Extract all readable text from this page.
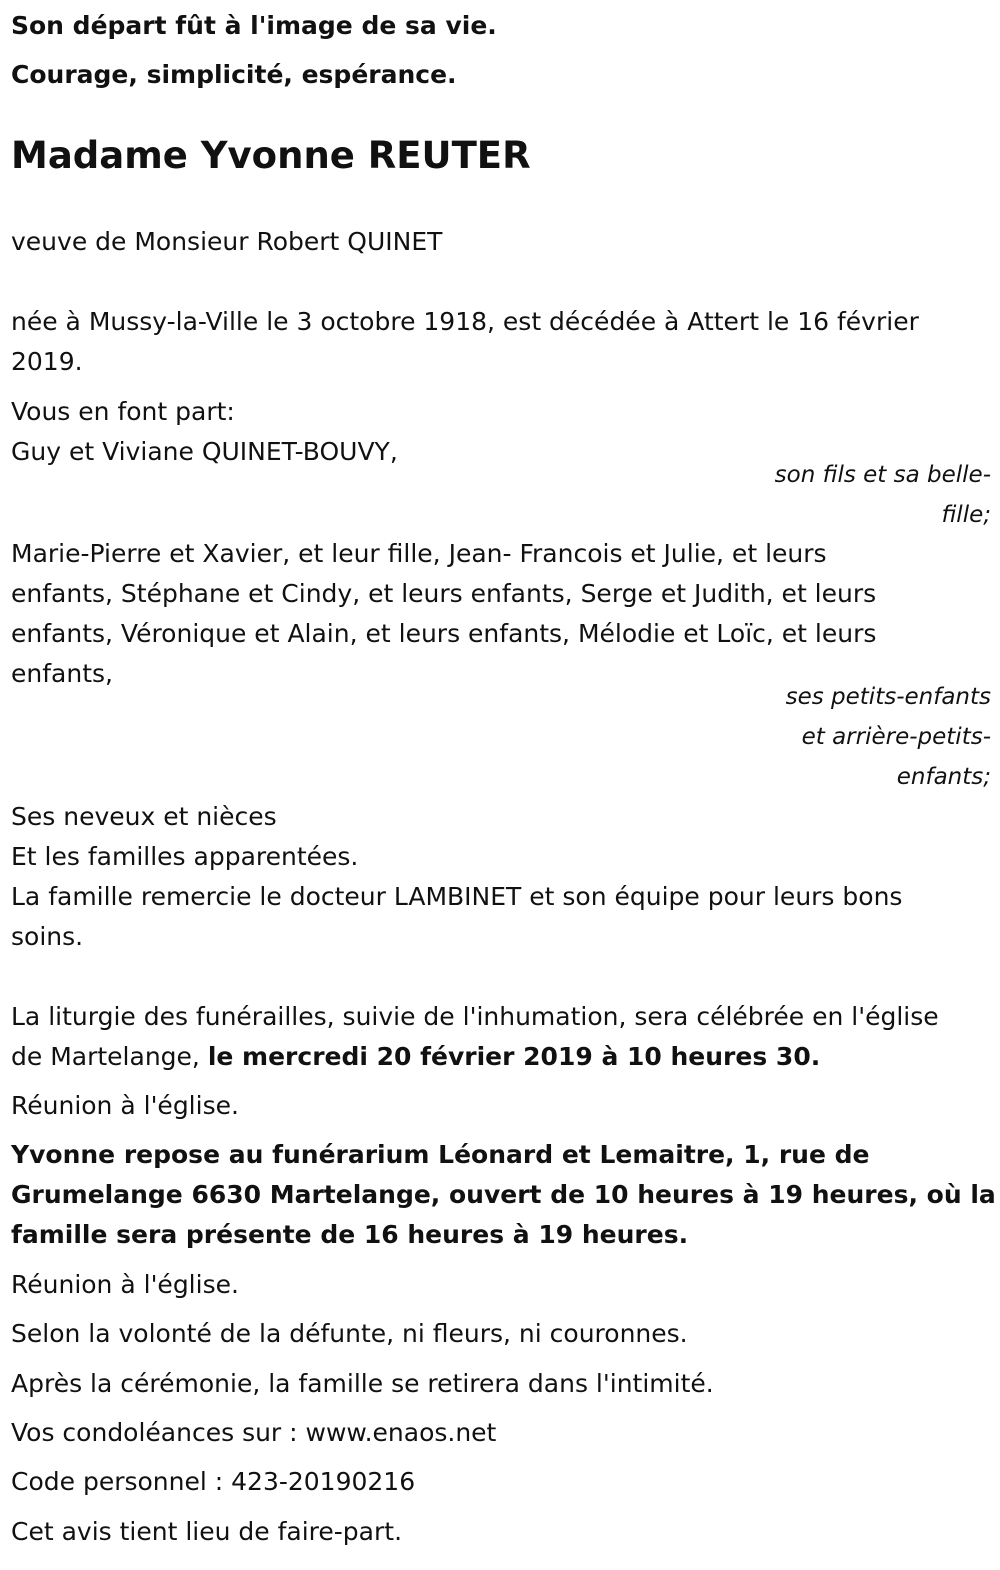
Son départ fût à l'image de sa vie.
Courage, simplicité, espérance.
Madame Yvonne REUTER
veuve de Monsieur Robert QUINET
née à Mussy-la-Ville le 3 octobre 1918, est décédée à Attert le 16 février
2019.
Vous en font part:
Guy et Viviane QUINET-BOUVY,
son fils et sa belle-
fille;
Marie-Pierre et Xavier, et leur fille, Jean- Francois et Julie, et leurs
enfants, Stéphane et Cindy, et leurs enfants, Serge et Judith, et leurs
enfants, Véronique et Alain, et leurs enfants, Mélodie et Loïc, et leurs
enfants,
ses petits-enfants
et arrière-petits-
enfants;
Ses neveux et nièces
Et les familles apparentées.
La famille remercie le docteur LAMBINET et son équipe pour leurs bons
soins.
La liturgie des funérailles, suivie de l'inhumation, sera célébrée en l'église
de Martelange, le mercredi 20 février 2019 à 10 heures 30.
Réunion à l'église.
Yvonne repose au funérarium Léonard et Lemaitre, 1, rue de
Grumelange 6630 Martelange, ouvert de 10 heures à 19 heures, où la
famille sera présente de 16 heures à 19 heures.
Réunion à l'église.
Selon la volonté de la défunte, ni fleurs, ni couronnes.
Après la cérémonie, la famille se retirera dans l'intimité.
Vos condoléances sur : www.enaos.net
Code personnel : 423-20190216
Cet avis tient lieu de faire-part.
